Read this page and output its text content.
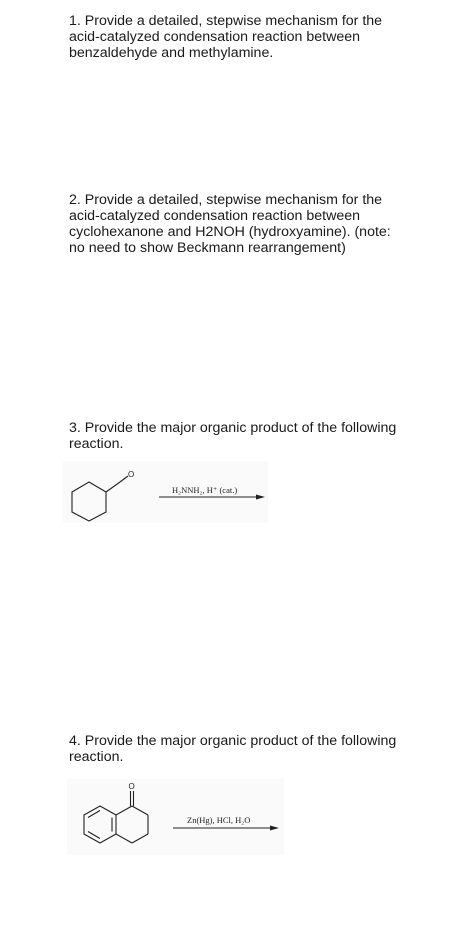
1. Provide a detailed, stepwise mechanism for the
acid-catalyzed condensation reaction between
benzaldehyde and methylamine.

2. Provide a detailed, stepwise mechanism for the
acid-catalyzed condensation reaction between
cyclohexanone and H2NOH (hydroxyamine). (note:
no need to show Beckmann rearrangement)

3. Provide the major organic product of the following
reaction.

O
H₂NNH₂, H⁺ (cat.)

4. Provide the major organic product of the following
reaction.

O
Zn(Hg), HCl, H₂O
